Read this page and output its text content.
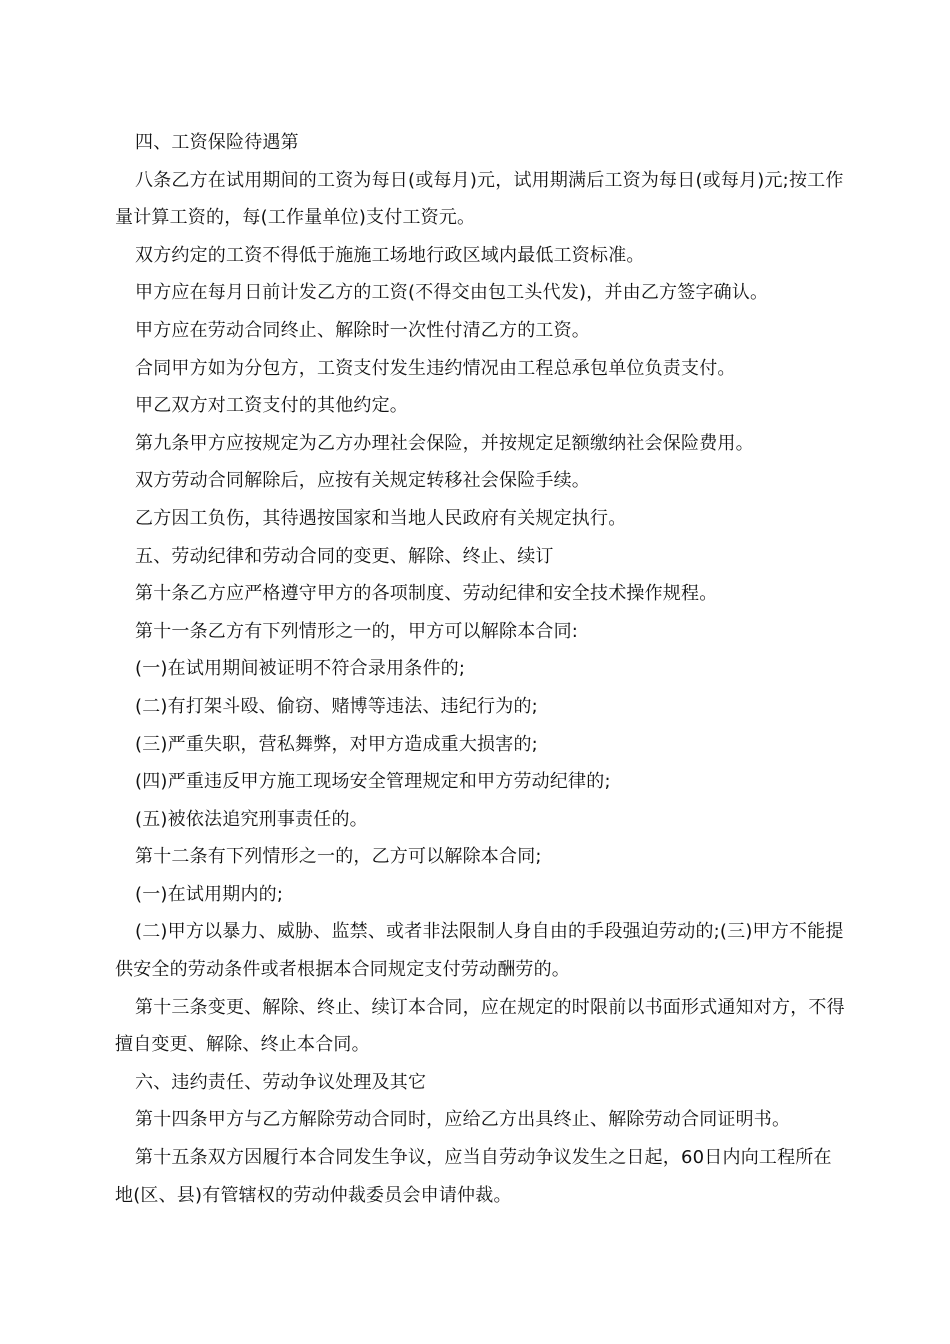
四、工资保险待遇第

八条乙方在试用期间的工资为每日(或每月)元，试用期满后工资为每日(或每月)元;按工作量计算工资的，每(工作量单位)支付工资元。

双方约定的工资不得低于施施工场地行政区域内最低工资标准。

甲方应在每月日前计发乙方的工资(不得交由包工头代发)，并由乙方签字确认。

甲方应在劳动合同终止、解除时一次性付清乙方的工资。

合同甲方如为分包方，工资支付发生违约情况由工程总承包单位负责支付。

甲乙双方对工资支付的其他约定。

第九条甲方应按规定为乙方办理社会保险，并按规定足额缴纳社会保险费用。

双方劳动合同解除后，应按有关规定转移社会保险手续。

乙方因工负伤，其待遇按国家和当地人民政府有关规定执行。

五、劳动纪律和劳动合同的变更、解除、终止、续订

第十条乙方应严格遵守甲方的各项制度、劳动纪律和安全技术操作规程。

第十一条乙方有下列情形之一的，甲方可以解除本合同:

(一)在试用期间被证明不符合录用条件的;

(二)有打架斗殴、偷窃、赌博等违法、违纪行为的;

(三)严重失职，营私舞弊，对甲方造成重大损害的;

(四)严重违反甲方施工现场安全管理规定和甲方劳动纪律的;

(五)被依法追究刑事责任的。

第十二条有下列情形之一的，乙方可以解除本合同;

(一)在试用期内的;

(二)甲方以暴力、威胁、监禁、或者非法限制人身自由的手段强迫劳动的;(三)甲方不能提供安全的劳动条件或者根据本合同规定支付劳动酬劳的。

第十三条变更、解除、终止、续订本合同，应在规定的时限前以书面形式通知对方，不得擅自变更、解除、终止本合同。

六、违约责任、劳动争议处理及其它

第十四条甲方与乙方解除劳动合同时，应给乙方出具终止、解除劳动合同证明书。

第十五条双方因履行本合同发生争议，应当自劳动争议发生之日起，60日内向工程所在地(区、县)有管辖权的劳动仲裁委员会申请仲裁。
